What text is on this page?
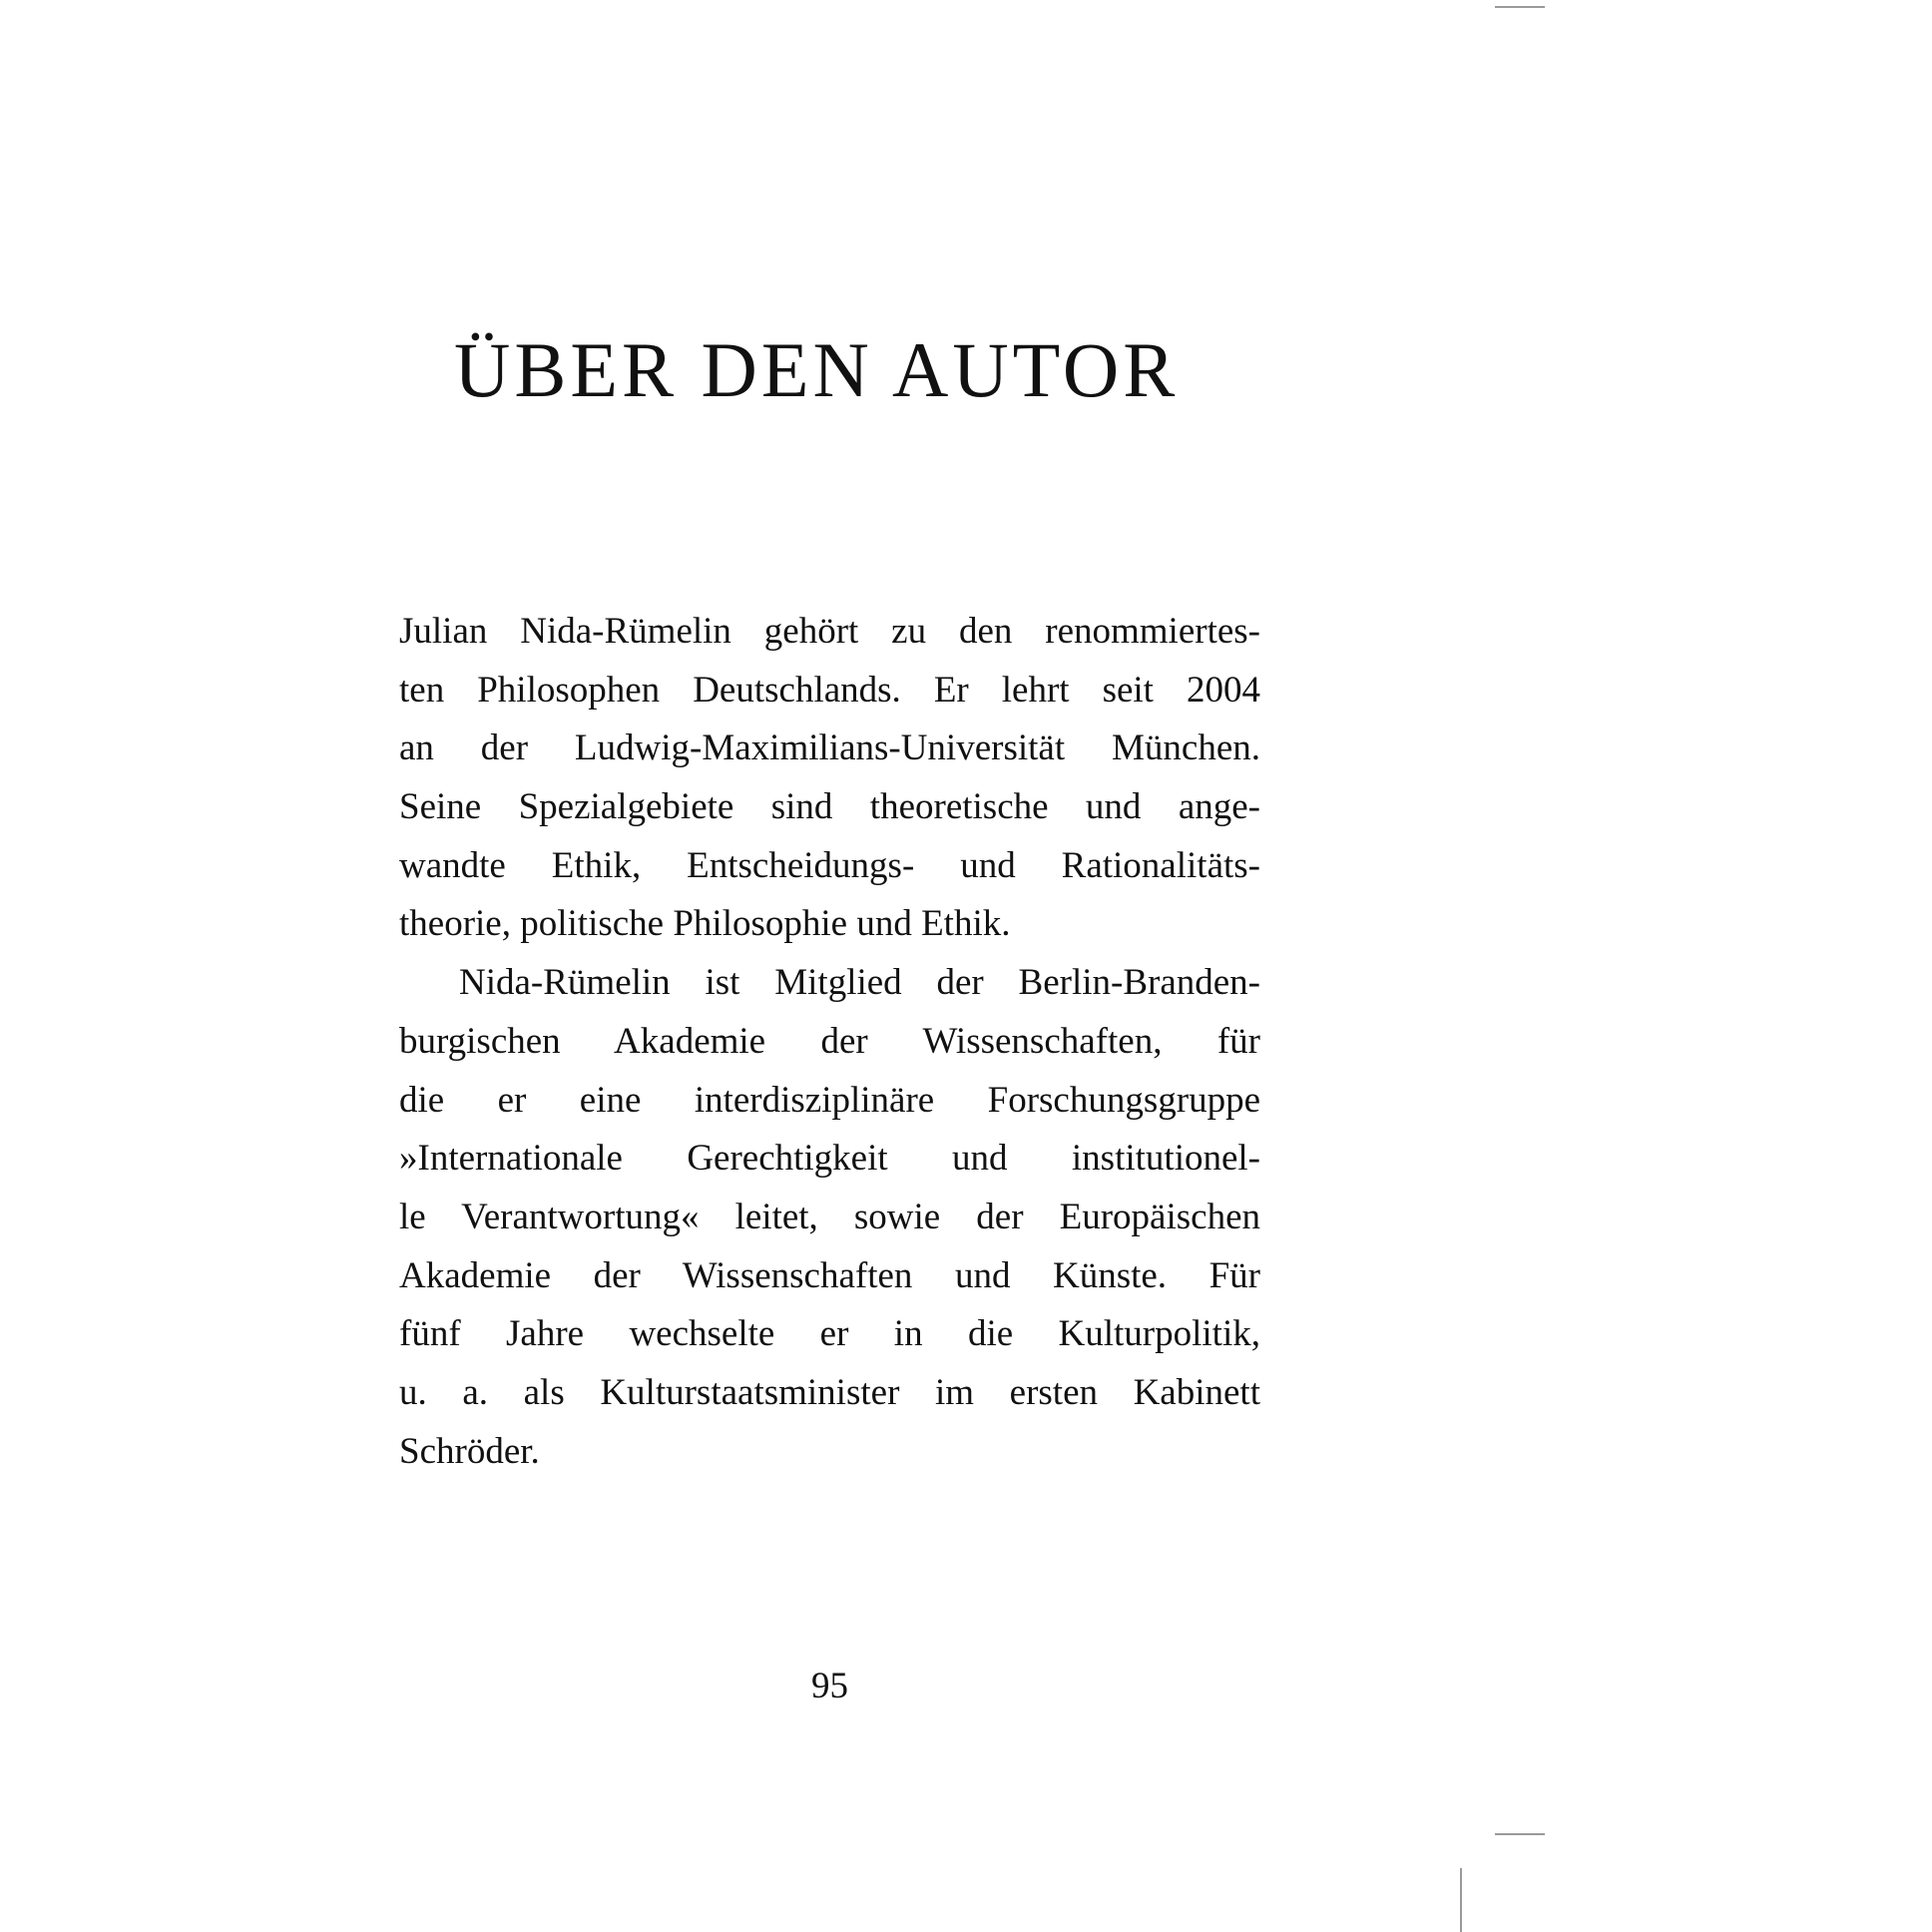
ÜBER DEN AUTOR
Julian Nida-Rümelin gehört zu den renommiertes-
ten Philosophen Deutschlands. Er lehrt seit 2004
an der Ludwig-Maximilians-Universität München.
Seine Spezialgebiete sind theoretische und ange-
wandte Ethik, Entscheidungs- und Rationalitäts-
theorie, politische Philosophie und Ethik.
Nida-Rümelin ist Mitglied der Berlin-Branden-
burgischen Akademie der Wissenschaften, für
die er eine interdisziplinäre Forschungsgruppe
»Internationale Gerechtigkeit und institutionel-
le Verantwortung« leitet, sowie der Europäischen
Akademie der Wissenschaften und Künste. Für
fünf Jahre wechselte er in die Kulturpolitik,
u. a. als Kulturstaatsminister im ersten Kabinett
Schröder.
95
